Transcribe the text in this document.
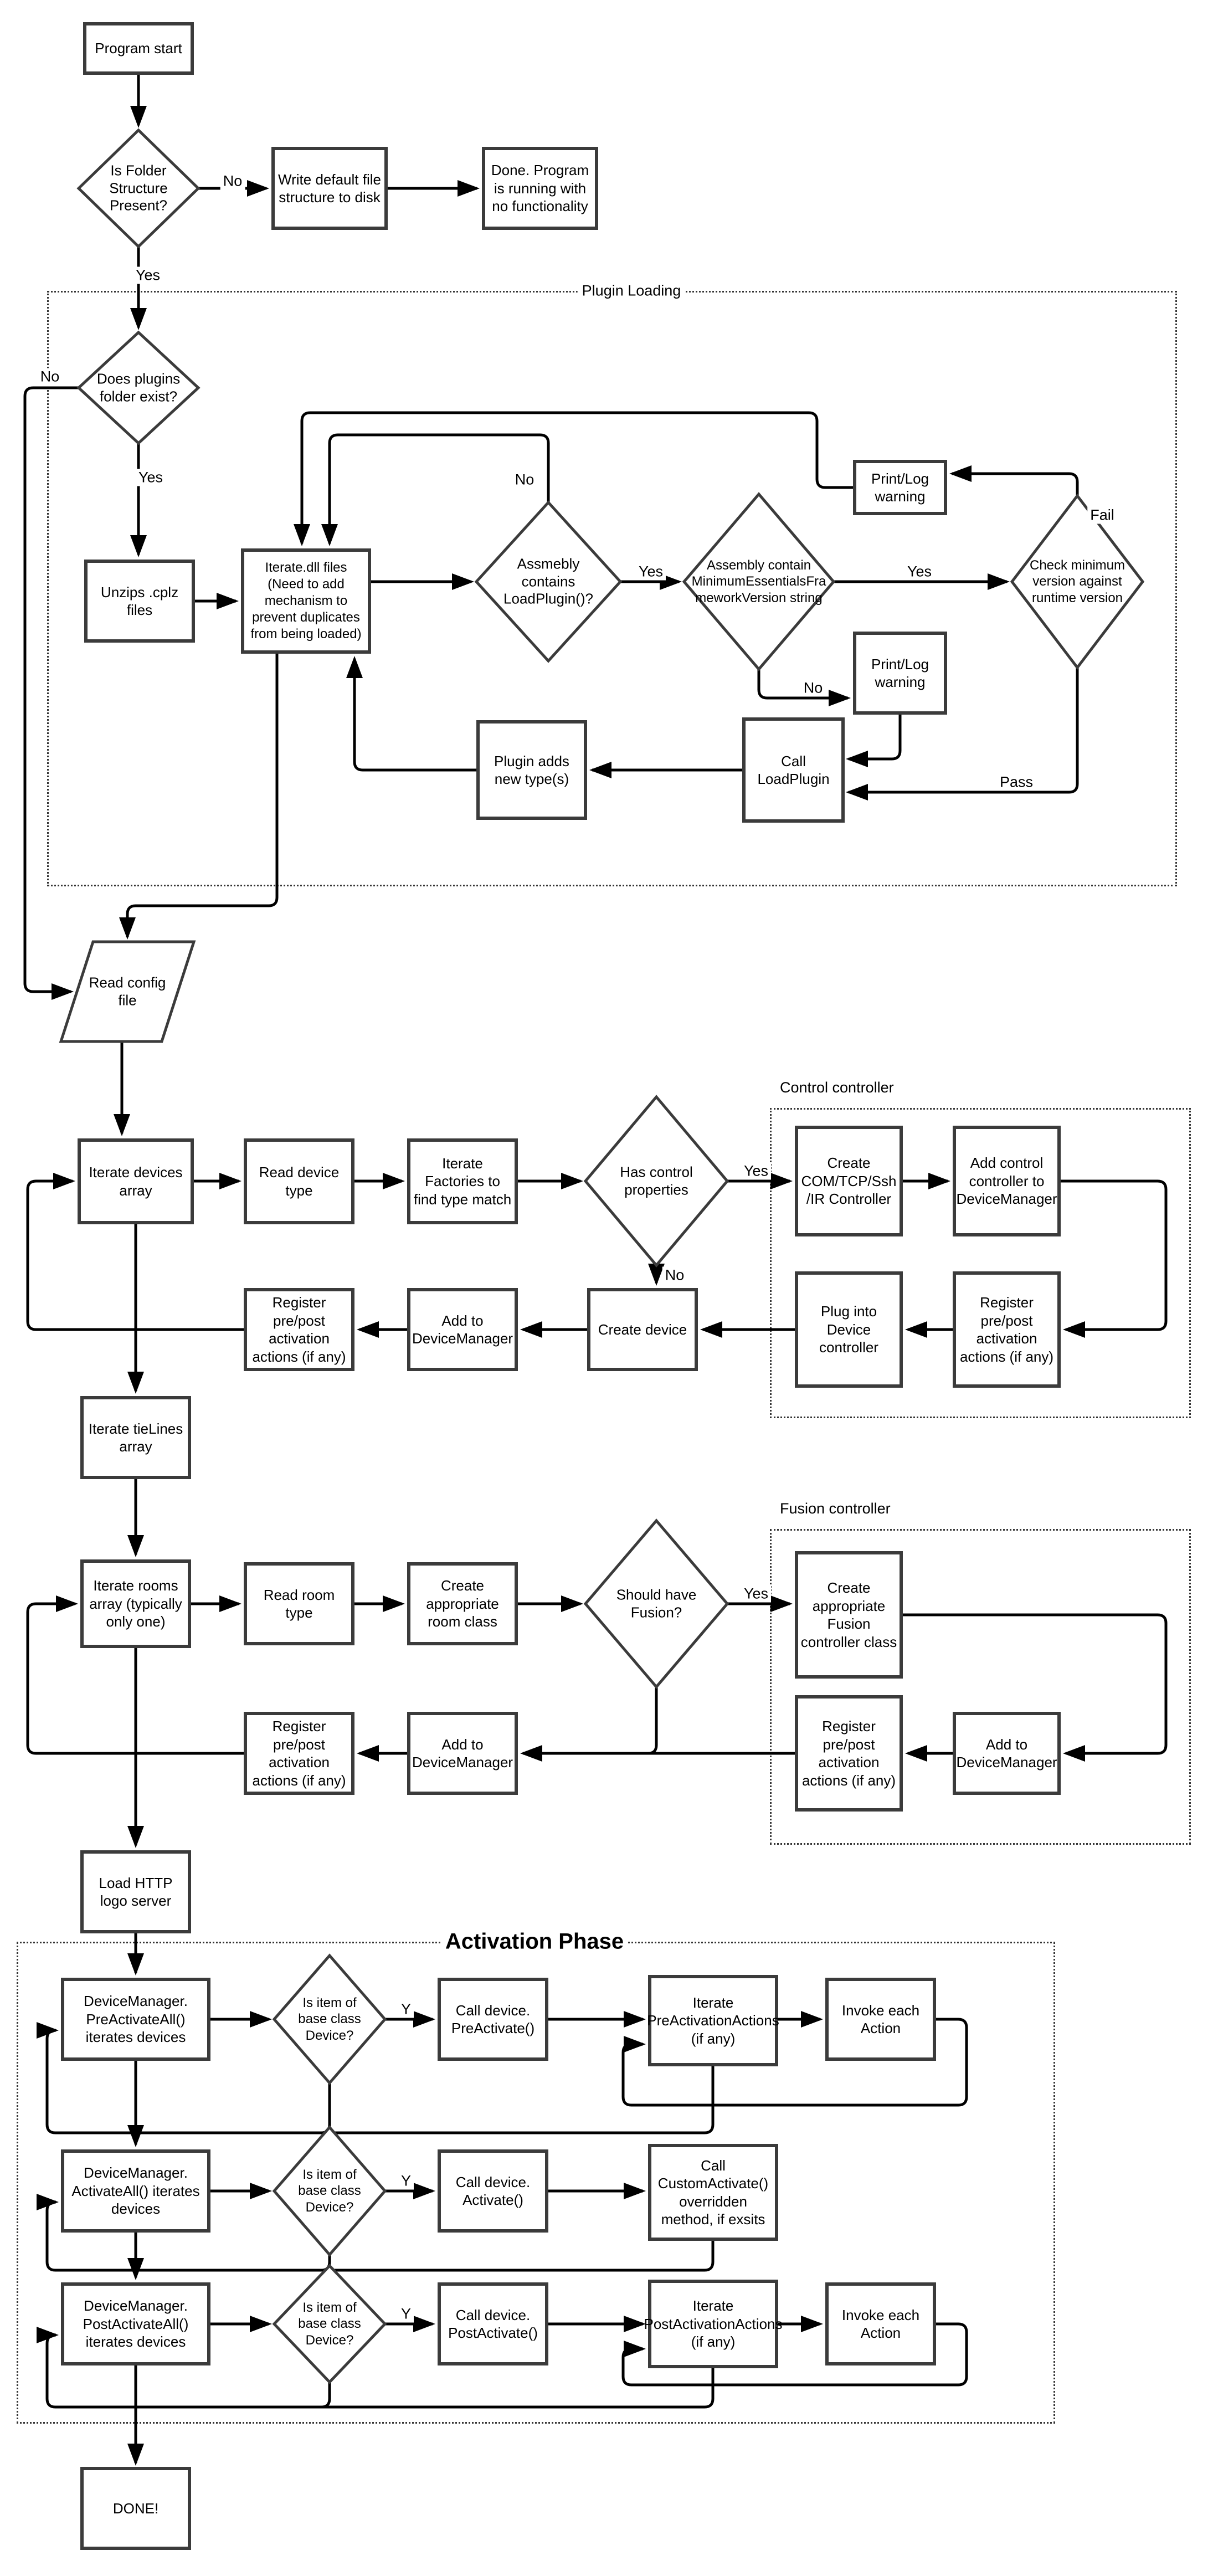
Plugin Loading
Control controller
Fusion controller
Activation Phase
Program start
Write default file structure to disk
Done. Program is running with no functionality
Unzips .cplz files
Iterate.dll files (Need to add mechanism to prevent duplicates from being loaded)
Print/Log warning
Print/Log warning
Call LoadPlugin
Plugin adds new type(s)
Iterate devices array
Read device type
Iterate Factories to find type match
Create COM/TCP/Ssh /IR Controller
Add control controller to DeviceManager
Register pre/post activation actions (if any)
Plug into Device controller
Create device
Add to DeviceManager
Register pre/post activation actions (if any)
Iterate tieLines array
Iterate rooms array (typically only one)
Read room type
Create appropriate room class
Create appropriate Fusion controller class
Add to DeviceManager
Register pre/post activation actions (if any)
Add to DeviceManager
Register pre/post activation actions (if any)
Load HTTP logo server
DeviceManager. PreActivateAll() iterates devices
Call device. PreActivate()
Iterate PreActivationActions (if any)
Invoke each Action
DeviceManager. ActivateAll() iterates devices
Call device. Activate()
Call CustomActivate() overridden method, if exsits
DeviceManager. PostActivateAll() iterates devices
Call device. PostActivate()
Iterate PostActivationActions (if any)
Invoke each Action
DONE!
Is Folder Structure Present?
Does plugins folder exist?
Assmebly contains LoadPlugin()?
Assembly contain MinimumEssentialsFrameworkVersion string
Check minimum version against runtime version
Read config file
Has control properties
Should have Fusion?
Is item of base class Device?
Is item of base class Device?
Is item of base class Device?
No
Yes
No
Yes	No
Yes	Yes
No
Fail
Pass
Yes
No
Yes
Y
Y
Y
